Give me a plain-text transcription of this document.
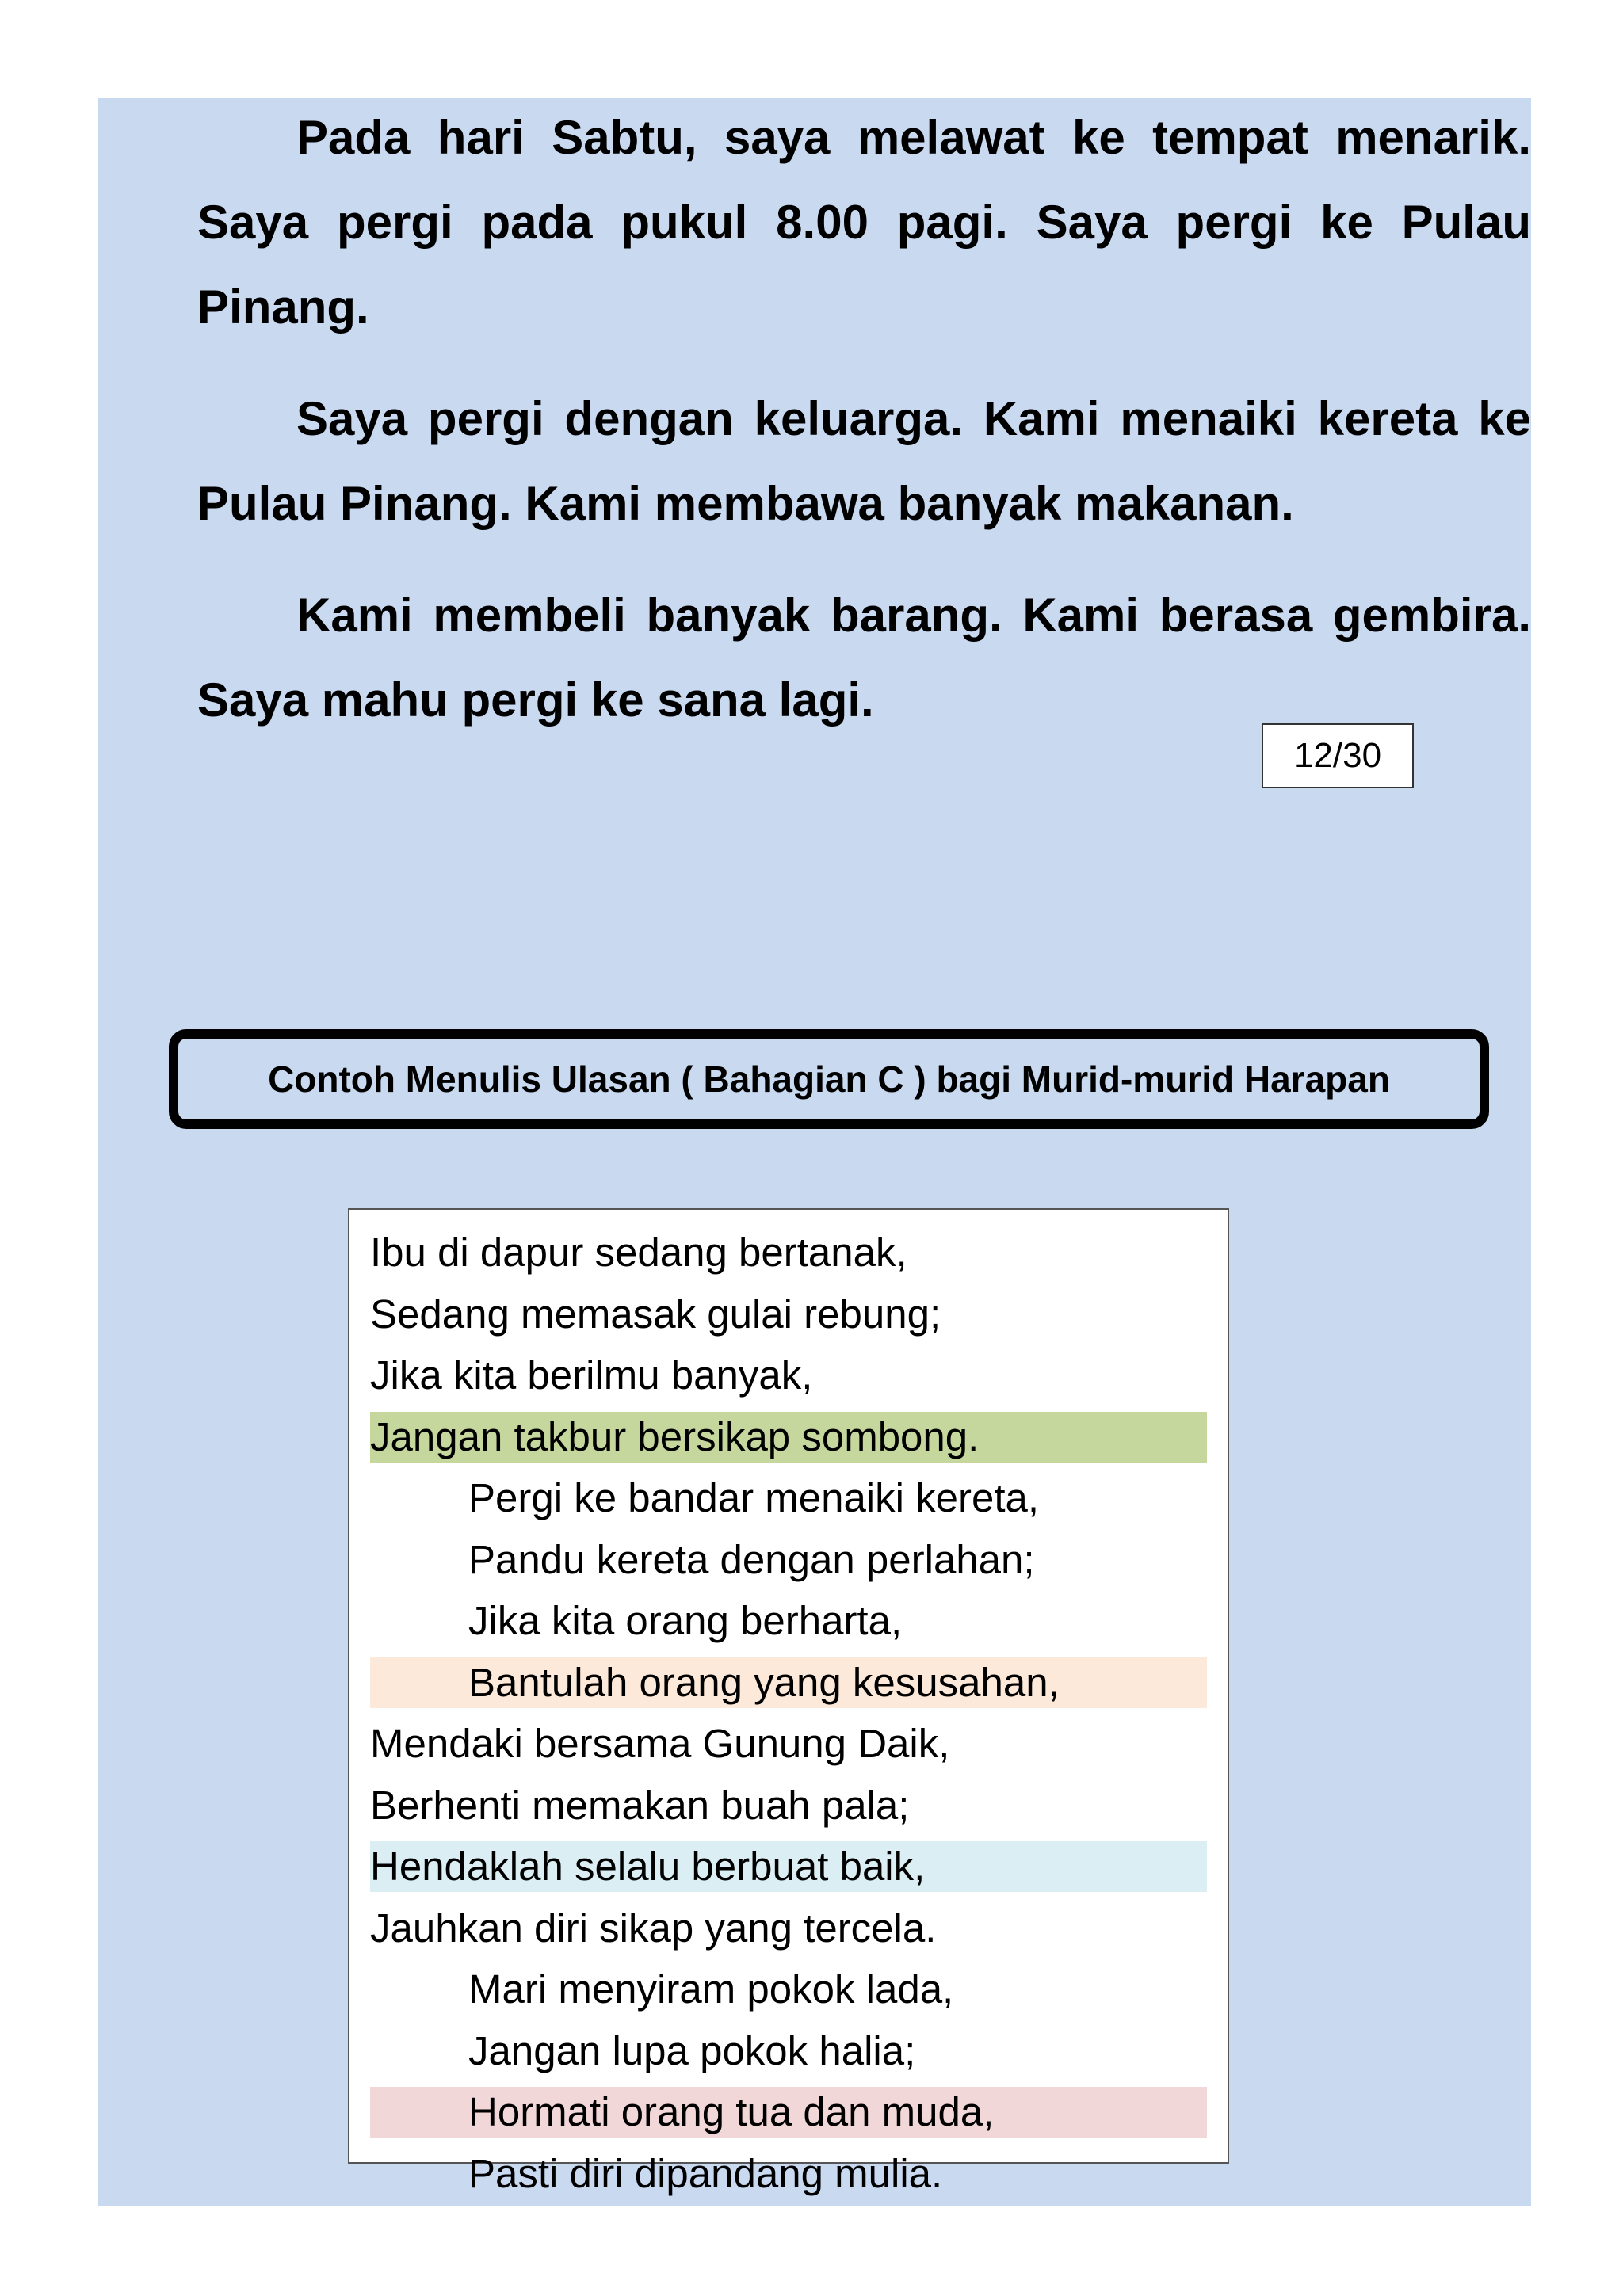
Pada hari Sabtu, saya melawat ke tempat menarik. Saya pergi pada pukul 8.00 pagi. Saya pergi ke Pulau Pinang.

Saya pergi dengan keluarga. Kami menaiki kereta ke Pulau Pinang. Kami membawa banyak makanan.

Kami membeli banyak barang. Kami berasa gembira. Saya mahu pergi ke sana lagi.

12/30
Contoh Menulis Ulasan ( Bahagian C ) bagi Murid-murid Harapan
Ibu di dapur sedang bertanak,
Sedang memasak gulai rebung;
Jika kita berilmu banyak,
Jangan takbur bersikap sombong.
Pergi ke bandar menaiki kereta,
Pandu kereta dengan perlahan;
Jika kita orang berharta,
Bantulah orang yang kesusahan,
Mendaki bersama Gunung Daik,
Berhenti memakan buah pala;
Hendaklah selalu berbuat baik,
Jauhkan diri sikap yang tercela.
Mari menyiram pokok lada,
Jangan lupa pokok halia;
Hormati orang tua dan muda,
Pasti diri dipandang mulia.
